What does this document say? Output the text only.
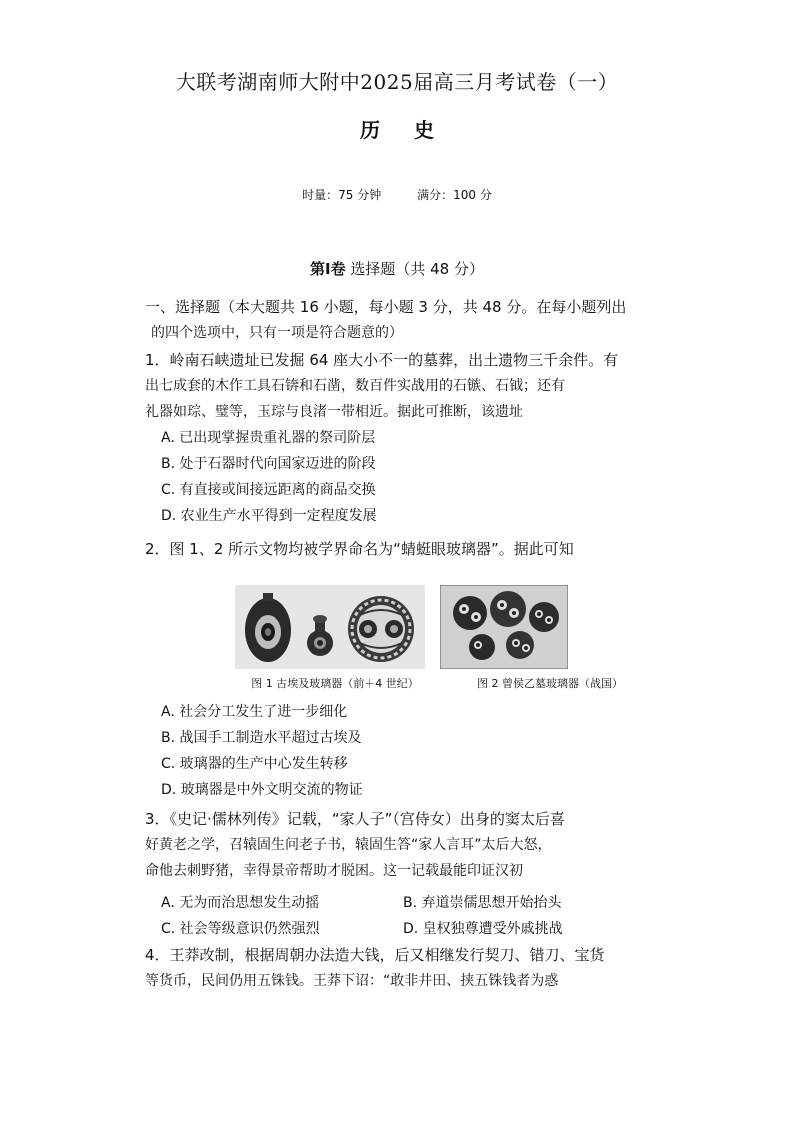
大联考湖南师大附中2025届高三月考试卷（一）
历史
时量：75 分钟	满分：100 分
第Ⅰ卷 选择题（共 48 分）

一、选择题（本大题共 16 小题，每小题 3 分，共 48 分。在每小题列出

的四个选项中，只有一项是符合题意的）

1．岭南石峡遗址已发掘 64 座大小不一的墓葬，出土遗物三千余件。有

出七成套的木作工具石锛和石凿，数百件实战用的石镞、石钺；还有

礼器如琮、璧等，玉琮与良渚一带相近。据此可推断，该遗址

A. 已出现掌握贵重礼器的祭司阶层

B. 处于石器时代向国家迈进的阶段

C. 有直接或间接远距离的商品交换

D. 农业生产水平得到一定程度发展

2．图 1、2 所示文物均被学界命名为“蜻蜓眼玻璃器”。据此可知

图 1 古埃及玻璃器（前＋4 世纪）	图 2 曾侯乙墓玻璃器（战国）

A. 社会分工发生了进一步细化

B. 战国手工制造水平超过古埃及

C. 玻璃器的生产中心发生转移

D. 玻璃器是中外文明交流的物证

3．《史记·儒林列传》记载，“家人子”（宫侍女）出身的窦太后喜

好黄老之学，召辕固生问老子书，辕固生答“家人言耳”太后大怒，

命他去刺野猪，幸得景帝帮助才脱困。这一记载最能印证汉初

A. 无为而治思想发生动摇	B. 弃道崇儒思想开始抬头
C. 社会等级意识仍然强烈	D. 皇权独尊遭受外戚挑战

4．王莽改制，根据周朝办法造大钱，后又相继发行契刀、错刀、宝货

等货币，民间仍用五铢钱。王莽下诏：“敢非井田、挟五铢钱者为惑
